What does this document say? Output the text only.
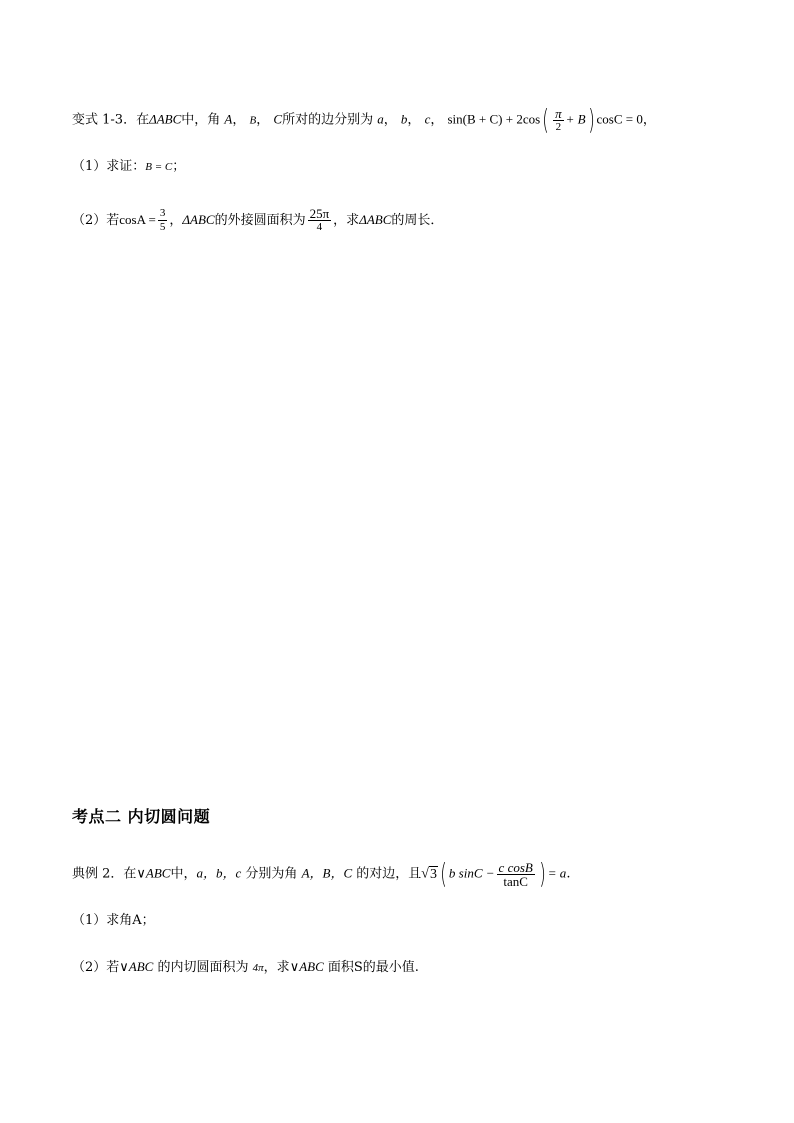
变式 1-3．在ΔABC中，角 A， B， C所对的边分别为 a， b， c， $\sin(B + C) + 2\cos( \frac{\pi}{2} + B)$ cosC = 0，
（1）求证：B = C；
（2）若$\cos A = \frac{3}{5}$ ，ΔABC的外接圆面积为 $\frac{25\pi}{4}$ ，求ΔABC的周长．
考点二 内切圆问题
典例 2．在∨ABC中，a，b，c 分别为角 A，B，C 的对边，且√3 ( b $\sin C - \frac{\text{c cosB}}{\tan C}$ ) = a.
（1）求角A；
（2）若∨ABC 的内切圆面积为 4π，求∨ABC 面积S的最小值.
